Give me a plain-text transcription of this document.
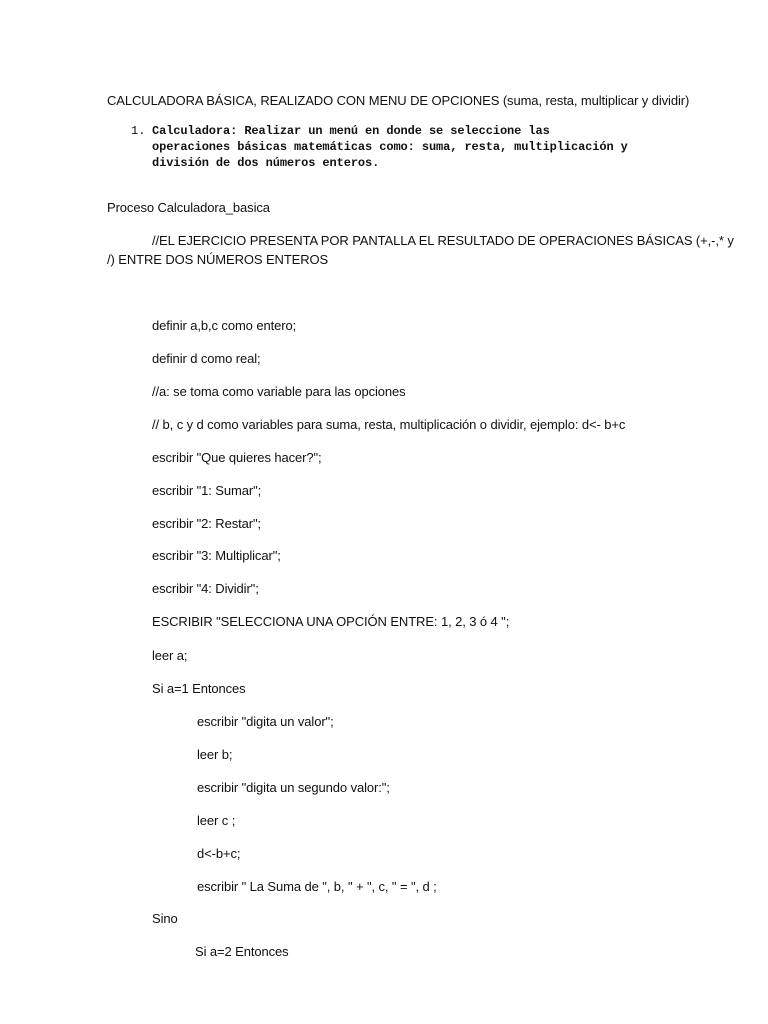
CALCULADORA BÁSICA, REALIZADO CON MENU DE OPCIONES (suma, resta, multiplicar y dividir)
1. Calculadora: Realizar un menú en donde se seleccione las
operaciones básicas matemáticas como: suma, resta, multiplicación y
división de dos números enteros.
Proceso Calculadora_basica
//EL EJERCICIO PRESENTA POR PANTALLA EL RESULTADO DE OPERACIONES BÁSICAS (+,-,* y
/) ENTRE DOS NÚMEROS ENTEROS
definir a,b,c como entero;
definir d como real;
//a: se toma como variable para las opciones
// b, c y d como variables para suma, resta, multiplicación o dividir, ejemplo: d<- b+c
escribir "Que quieres hacer?";
escribir "1: Sumar";
escribir "2: Restar";
escribir "3: Multiplicar";
escribir "4: Dividir";
ESCRIBIR "SELECCIONA UNA OPCIÓN ENTRE: 1, 2, 3 ó 4 ";
leer a;
Si a=1 Entonces
escribir "digita un valor";
leer b;
escribir "digita un segundo valor:";
leer c ;
d<-b+c;
escribir " La Suma de ", b, " + ", c, " = ", d ;
Sino
Si a=2 Entonces
